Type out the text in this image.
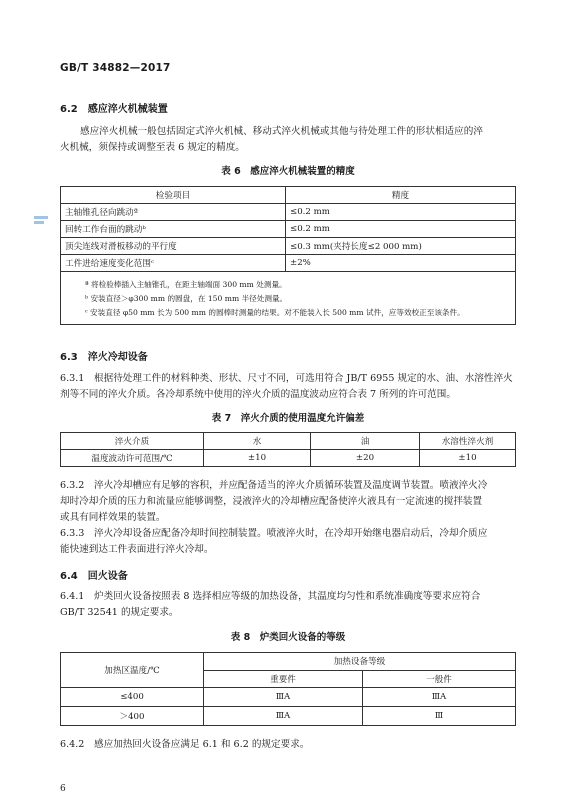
GB/T 34882—2017
6.2　感应淬火机械装置
感应淬火机械一般包括固定式淬火机械、移动式淬火机械或其他与待处理工件的形状相适应的淬
火机械，须保持或调整至表 6 规定的精度。
表 6　感应淬火机械装置的精度
检验项目	精度
主轴锥孔径向跳动ª	≤0.2 mm
回转工作台面的跳动ᵇ	≤0.2 mm
顶尖连线对滑板移动的平行度	≤0.3 mm(夹持长度≤2 000 mm)
工件进给速度变化范围ᶜ	±2%

ª 将检验棒插入主轴锥孔，在距主轴端面 300 mm 处测量。
ᵇ 安装直径＞φ300 mm 的圆盘，在 150 mm 半径处测量。
ᶜ 安装直径 φ50 mm 长为 500 mm 的圆棒时测量的结果。对不能装入长 500 mm 试件，应等效校正至该条件。	
6.3　淬火冷却设备
6.3.1　根据待处理工件的材料种类、形状、尺寸不同，可选用符合 JB/T 6955 规定的水、油、水溶性淬火
剂等不同的淬火介质。各冷却系统中使用的淬火介质的温度波动应符合表 7 所列的许可范围。
表 7　淬火介质的使用温度允许偏差
淬火介质	水	油	水溶性淬火剂
温度波动许可范围/℃	±10	±20	±10
6.3.2　淬火冷却槽应有足够的容积，并应配备适当的淬火介质循环装置及温度调节装置。喷液淬火冷
却时冷却介质的压力和流量应能够调整，浸液淬火的冷却槽应配备使淬火液具有一定流速的搅拌装置
或具有同样效果的装置。
6.3.3　淬火冷却设备应配备冷却时间控制装置。喷液淬火时，在冷却开始继电器启动后，冷却介质应
能快速到达工件表面进行淬火冷却。
6.4　回火设备
6.4.1　炉类回火设备按照表 8 选择相应等级的加热设备，其温度均匀性和系统准确度等要求应符合
GB/T 32541 的规定要求。
表 8　炉类回火设备的等级
加热区温度/℃	加热设备等级	
	重要件	一般件
≤400	ⅢA	ⅢA
＞400	ⅢA	Ⅲ
6.4.2　感应加热回火设备应满足 6.1 和 6.2 的规定要求。
6
